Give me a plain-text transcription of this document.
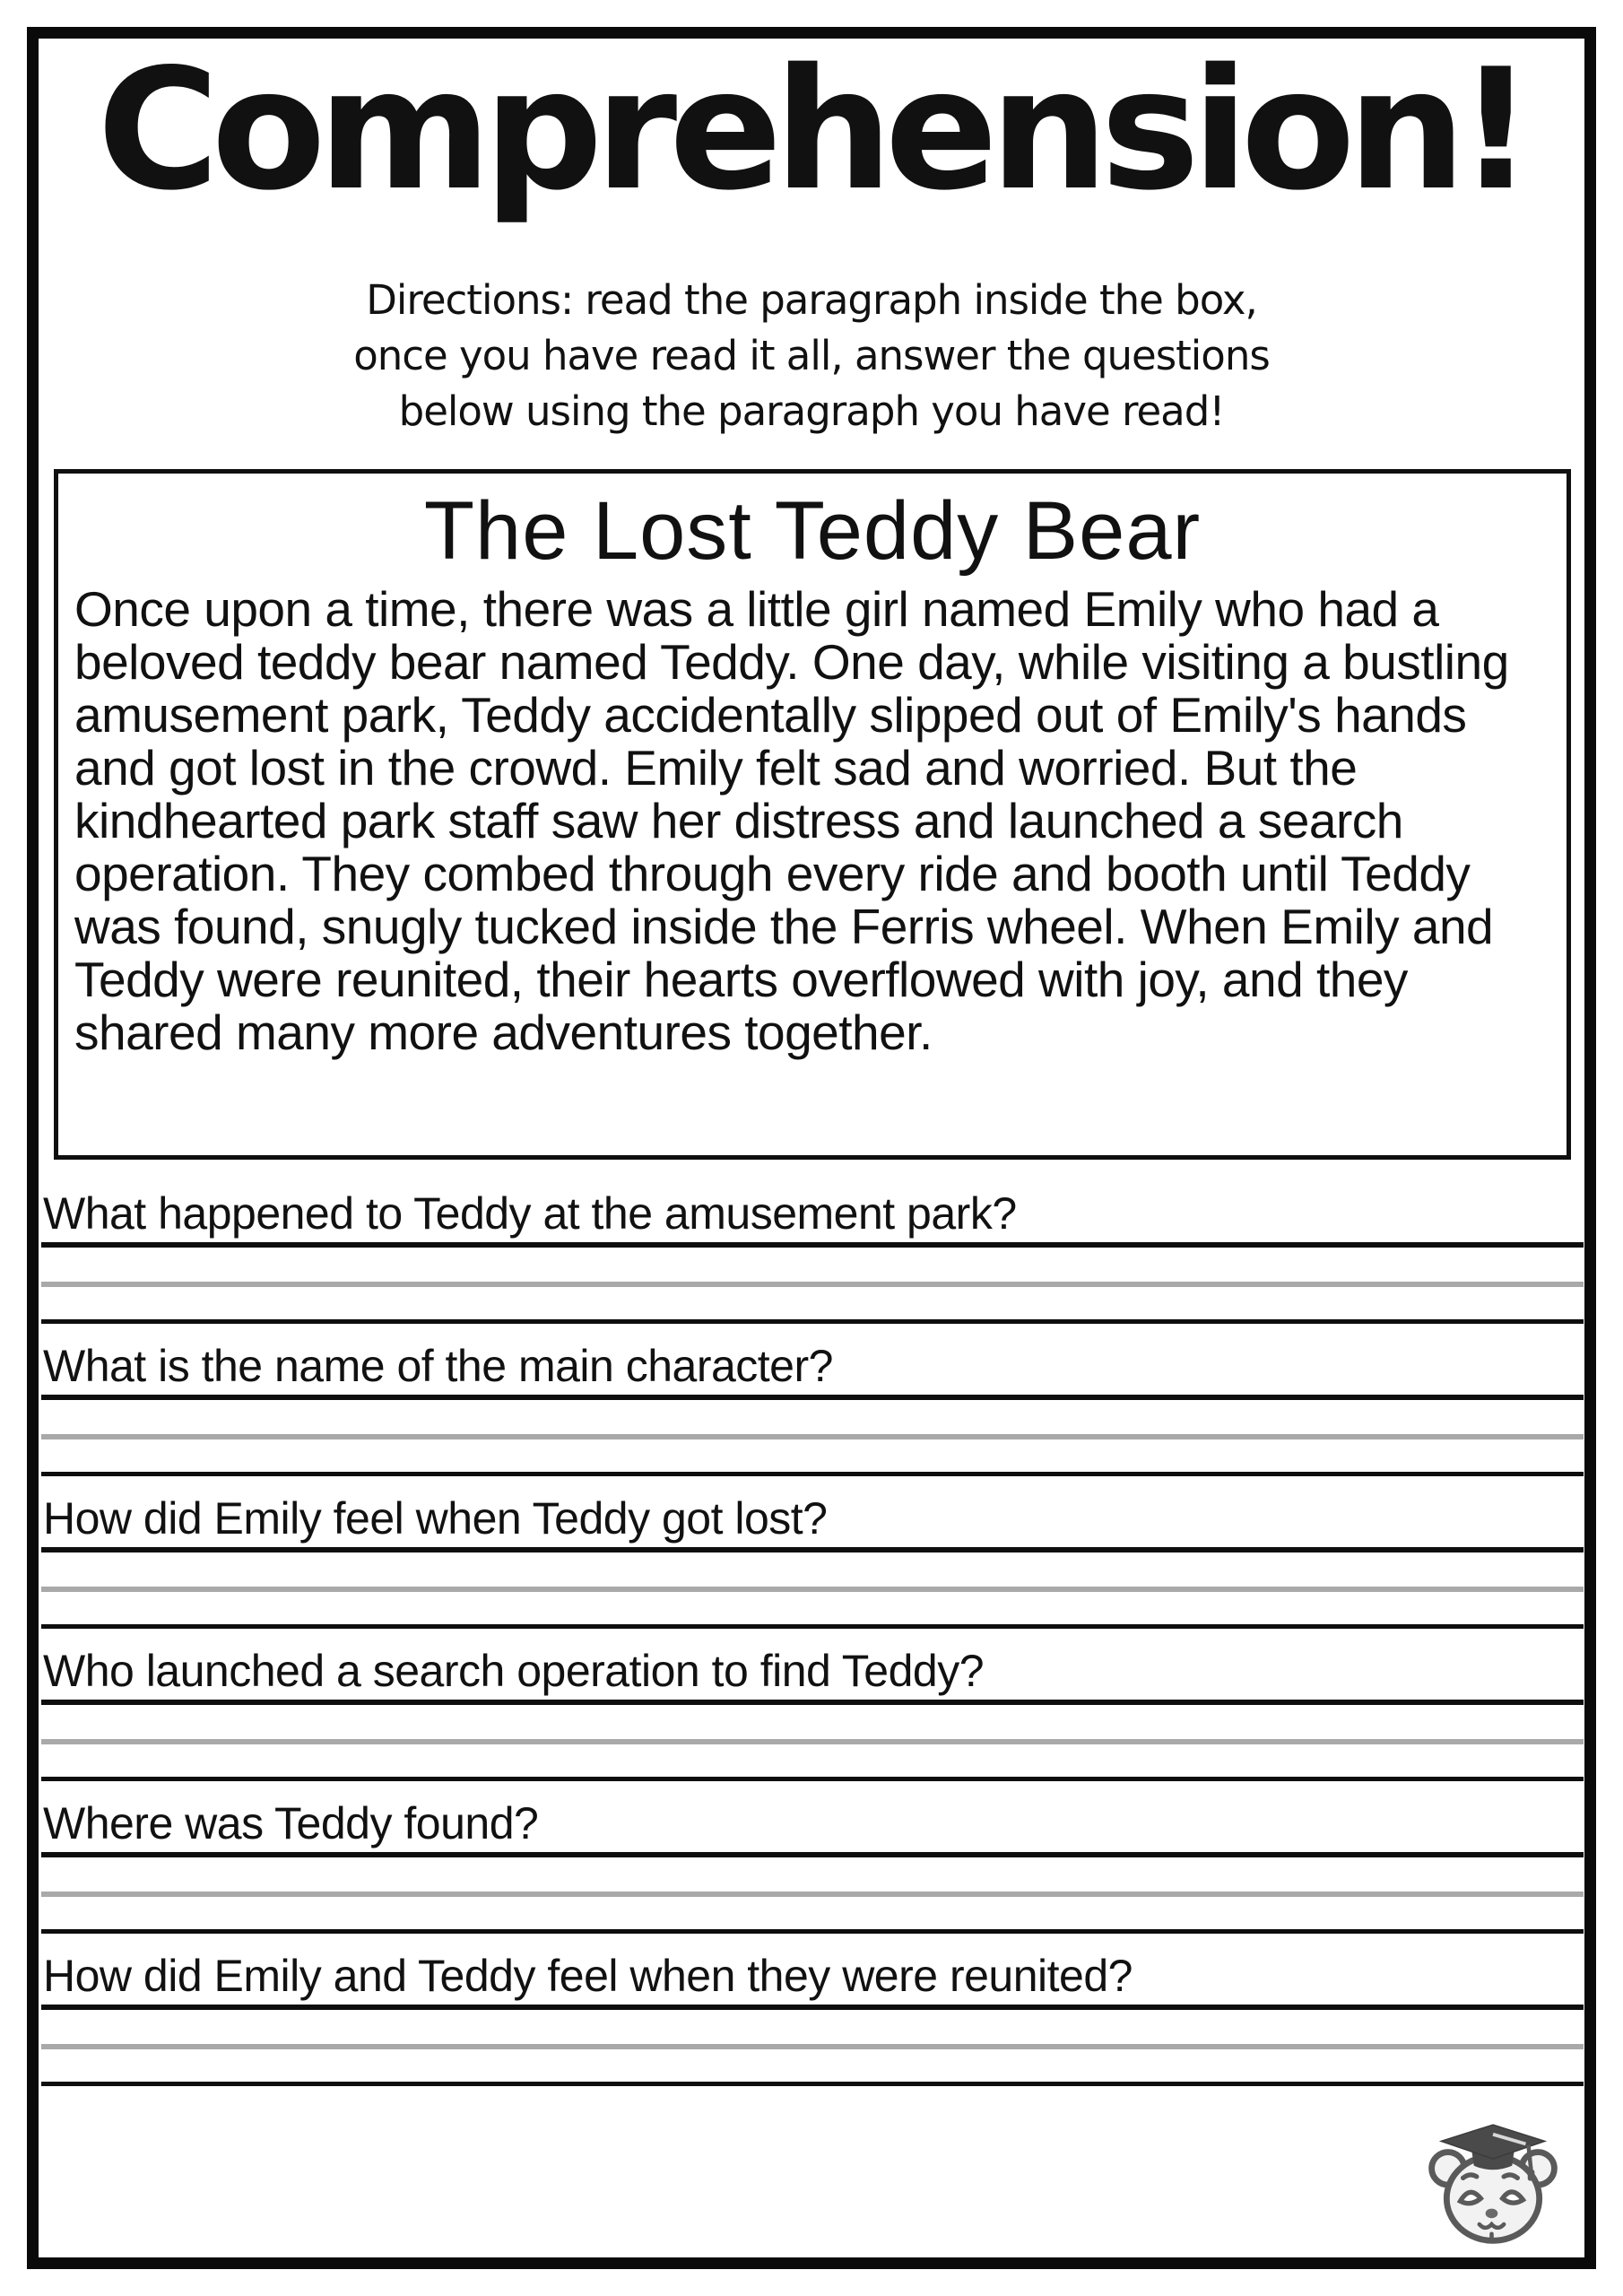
Comprehension!
Directions: read the paragraph inside the box,
once you have read it all, answer the questions
below using the paragraph you have read!
The Lost Teddy Bear
Once upon a time, there was a little girl named Emily who had a beloved teddy bear named Teddy. One day, while visiting a bustling amusement park, Teddy accidentally slipped out of Emily's hands and got lost in the crowd. Emily felt sad and worried. But the kindhearted park staff saw her distress and launched a search operation. They combed through every ride and booth until Teddy was found, snugly tucked inside the Ferris wheel. When Emily and Teddy were reunited, their hearts overflowed with joy, and they shared many more adventures together.
What happened to Teddy at the amusement park?
What is the name of the main character?
How did Emily feel when Teddy got lost?
Who launched a search operation to find Teddy?
Where was Teddy found?
How did Emily and Teddy feel when they were reunited?
